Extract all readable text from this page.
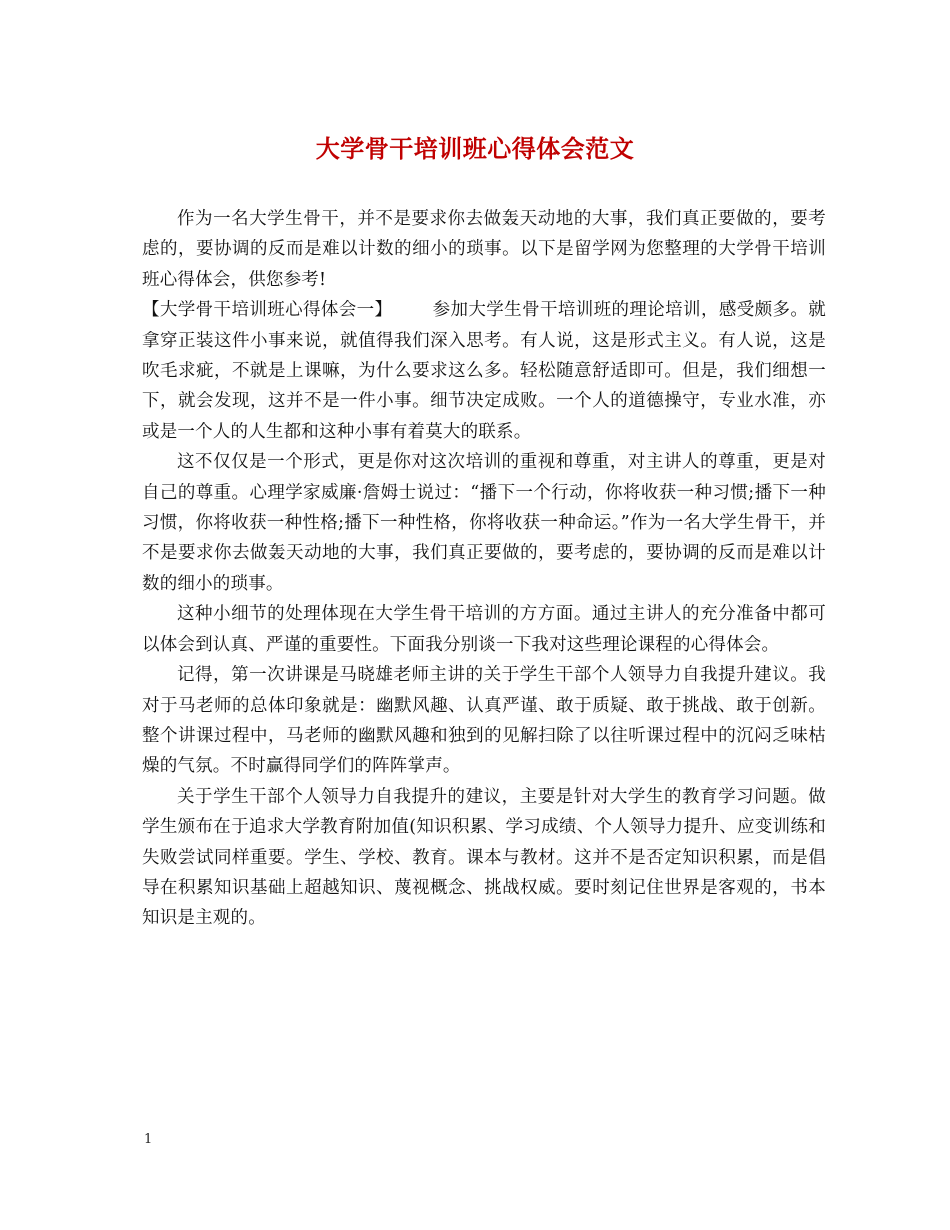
大学骨干培训班心得体会范文

作为一名大学生骨干，并不是要求你去做轰天动地的大事，我们真正要做的，要考虑的，要协调的反而是难以计数的细小的琐事。以下是留学网为您整理的大学骨干培训班心得体会，供您参考!

【大学骨干培训班心得体会一】 参加大学生骨干培训班的理论培训，感受颇多。就拿穿正装这件小事来说，就值得我们深入思考。有人说，这是形式主义。有人说，这是吹毛求疵，不就是上课嘛，为什么要求这么多。轻松随意舒适即可。但是，我们细想一下，就会发现，这并不是一件小事。细节决定成败。一个人的道德操守，专业水准，亦或是一个人的人生都和这种小事有着莫大的联系。

这不仅仅是一个形式，更是你对这次培训的重视和尊重，对主讲人的尊重，更是对自己的尊重。心理学家威廉·詹姆士说过：“播下一个行动，你将收获一种习惯;播下一种习惯，你将收获一种性格;播下一种性格，你将收获一种命运。”作为一名大学生骨干，并不是要求你去做轰天动地的大事，我们真正要做的，要考虑的，要协调的反而是难以计数的细小的琐事。

这种小细节的处理体现在大学生骨干培训的方方面。通过主讲人的充分准备中都可以体会到认真、严谨的重要性。下面我分别谈一下我对这些理论课程的心得体会。

记得，第一次讲课是马晓雄老师主讲的关于学生干部个人领导力自我提升建议。我对于马老师的总体印象就是：幽默风趣、认真严谨、敢于质疑、敢于挑战、敢于创新。整个讲课过程中，马老师的幽默风趣和独到的见解扫除了以往听课过程中的沉闷乏味枯燥的气氛。不时赢得同学们的阵阵掌声。

关于学生干部个人领导力自我提升的建议，主要是针对大学生的教育学习问题。做学生颁布在于追求大学教育附加值(知识积累、学习成绩、个人领导力提升、应变训练和失败尝试同样重要。学生、学校、教育。课本与教材。这并不是否定知识积累，而是倡导在积累知识基础上超越知识、蔑视概念、挑战权威。要时刻记住世界是客观的，书本知识是主观的。

1
